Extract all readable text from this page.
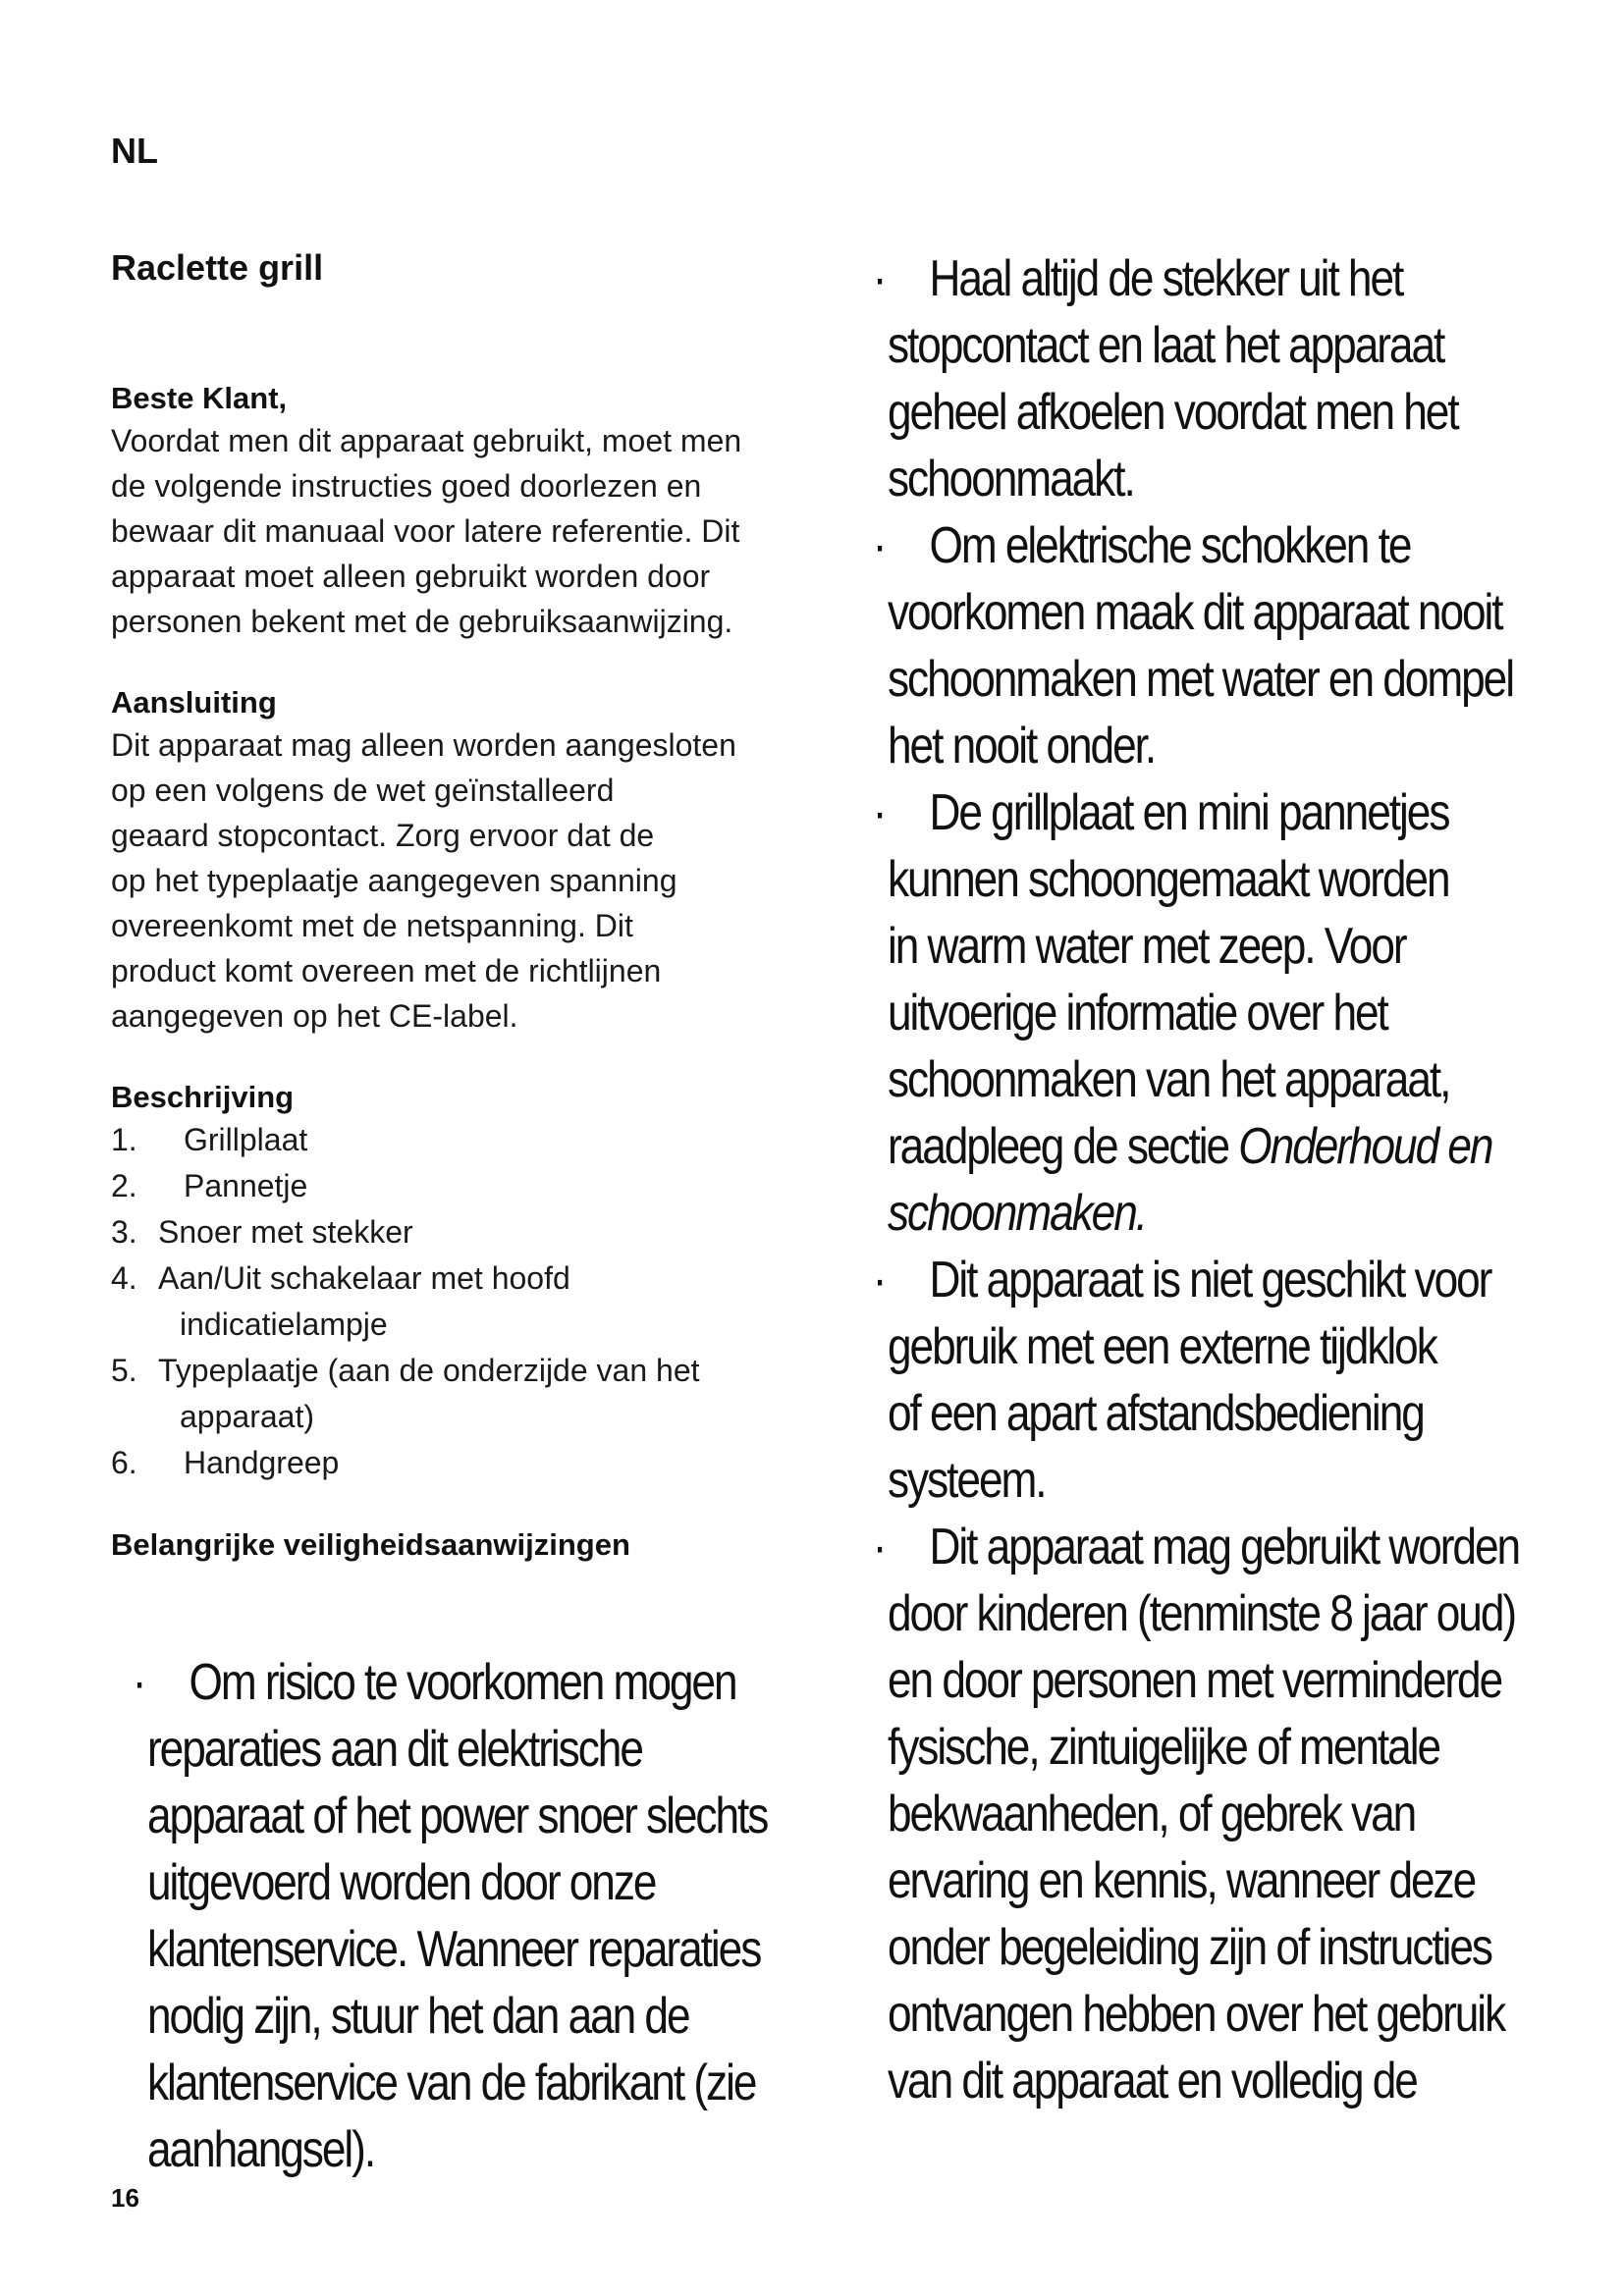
NL
Raclette grill
Beste Klant,
Voordat men dit apparaat gebruikt, moet men
de volgende instructies goed doorlezen en
bewaar dit manuaal voor latere referentie. Dit
apparaat moet alleen gebruikt worden door
personen bekent met de gebruiksaanwijzing.
Aansluiting
Dit apparaat mag alleen worden aangesloten
op een volgens de wet geïnstalleerd
geaard stopcontact. Zorg ervoor dat de
op het typeplaatje aangegeven spanning
overeenkomt met de netspanning. Dit
product komt overeen met de richtlijnen
aangegeven op het CE-label.
Beschrijving
1.	Grillplaat
2.	Pannetje
3. Snoer met stekker
4. Aan/Uit schakelaar met hoofd
indicatielampje
5. Typeplaatje (aan de onderzijde van het
apparaat)
6.	Handgreep
Belangrijke veiligheidsaanwijzingen
· Om risico te voorkomen mogen
reparaties aan dit elektrische
apparaat of het power snoer slechts
uitgevoerd worden door onze
klantenservice. Wanneer reparaties
nodig zijn, stuur het dan aan de
klantenservice van de fabrikant (zie
aanhangsel).
· Haal altijd de stekker uit het
stopcontact en laat het apparaat
geheel afkoelen voordat men het
schoonmaakt.
· Om elektrische schokken te
voorkomen maak dit apparaat nooit
schoonmaken met water en dompel
het nooit onder.
· De grillplaat en mini pannetjes
kunnen schoongemaakt worden
in warm water met zeep. Voor
uitvoerige informatie over het
schoonmaken van het apparaat,
raadpleeg de sectie Onderhoud en
schoonmaken.
· Dit apparaat is niet geschikt voor
gebruik met een externe tijdklok
of een apart afstandsbediening
systeem.
· Dit apparaat mag gebruikt worden
door kinderen (tenminste 8 jaar oud)
en door personen met verminderde
fysische, zintuigelijke of mentale
bekwaanheden, of gebrek van
ervaring en kennis, wanneer deze
onder begeleiding zijn of instructies
ontvangen hebben over het gebruik
van dit apparaat en volledig de
16
